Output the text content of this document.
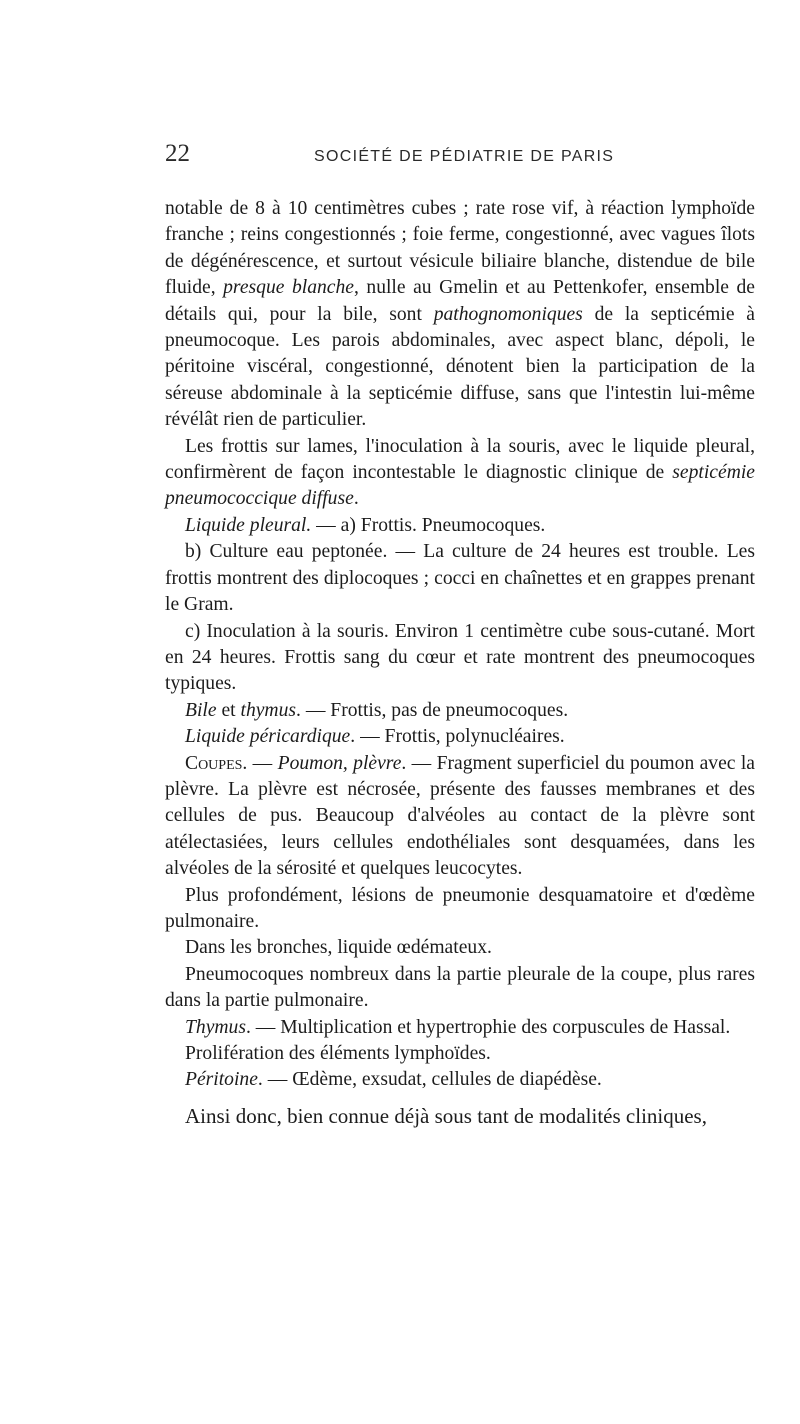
22	SOCIÉTÉ DE PÉDIATRIE DE PARIS

notable de 8 à 10 centimètres cubes ; rate rose vif, à réaction lymphoïde franche ; reins congestionnés ; foie ferme, congestionné, avec vagues îlots de dégénérescence, et surtout vésicule biliaire blanche, distendue de bile fluide, presque blanche, nulle au Gmelin et au Pettenkofer, ensemble de détails qui, pour la bile, sont pathognomoniques de la septicémie à pneumocoque. Les parois abdominales, avec aspect blanc, dépoli, le péritoine viscéral, congestionné, dénotent bien la participation de la séreuse abdominale à la septicémie diffuse, sans que l'intestin lui-même révélât rien de particulier.

Les frottis sur lames, l'inoculation à la souris, avec le liquide pleural, confirmèrent de façon incontestable le diagnostic clinique de septicémie pneumococcique diffuse.

Liquide pleural. — a) Frottis. Pneumocoques.

b) Culture eau peptonée. — La culture de 24 heures est trouble. Les frottis montrent des diplocoques ; cocci en chaînettes et en grappes prenant le Gram.

c) Inoculation à la souris. Environ 1 centimètre cube sous-cutané. Mort en 24 heures. Frottis sang du cœur et rate montrent des pneumocoques typiques.

Bile et thymus. — Frottis, pas de pneumocoques.

Liquide péricardique. — Frottis, polynucléaires.

Coupes. — Poumon, plèvre. — Fragment superficiel du poumon avec la plèvre. La plèvre est nécrosée, présente des fausses membranes et des cellules de pus. Beaucoup d'alvéoles au contact de la plèvre sont atélectasiées, leurs cellules endothéliales sont desquamées, dans les alvéoles de la sérosité et quelques leucocytes.

Plus profondément, lésions de pneumonie desquamatoire et d'œdème pulmonaire.

Dans les bronches, liquide œdémateux.

Pneumocoques nombreux dans la partie pleurale de la coupe, plus rares dans la partie pulmonaire.

Thymus. — Multiplication et hypertrophie des corpuscules de Hassal.

Prolifération des éléments lymphoïdes.

Péritoine. — Œdème, exsudat, cellules de diapédèse.

Ainsi donc, bien connue déjà sous tant de modalités cliniques,
